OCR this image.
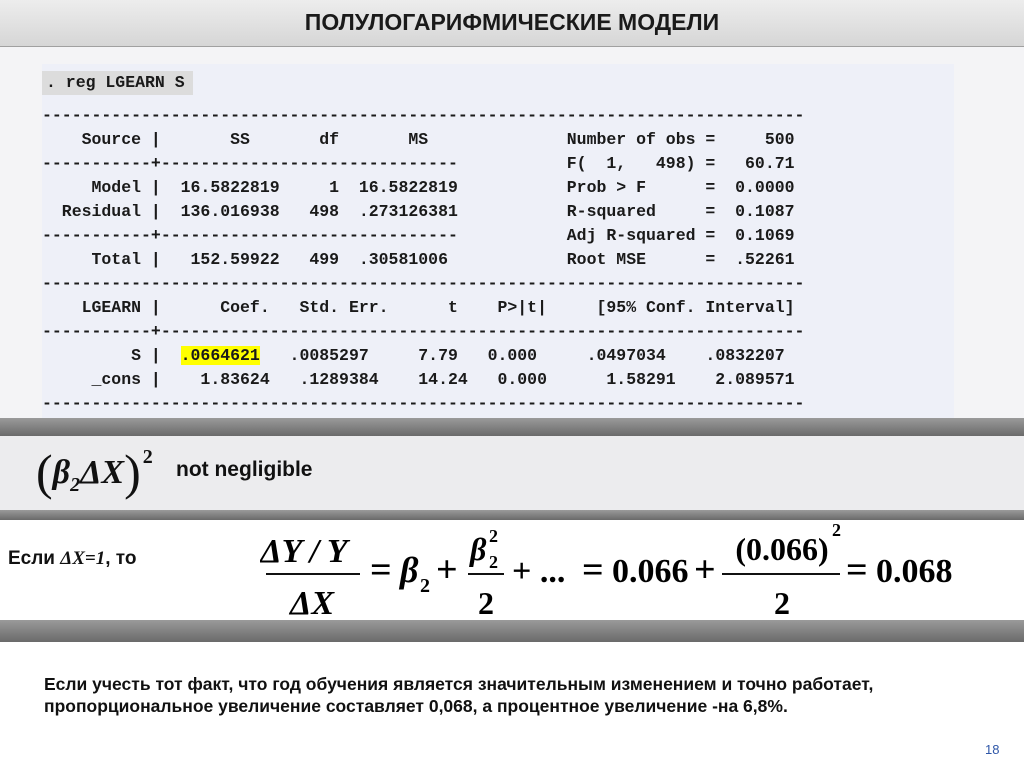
ПОЛУЛОГАРИФМИЧЕСКИЕ МОДЕЛИ
. reg LGEARN S
-----------------------------------------------------------------------------
Source |       SS       df       MS              Number of obs =     500
-----------+------------------------------           F(  1,   498) =   60.71
Model |  16.5822819     1  16.5822819           Prob > F      =  0.0000
Residual |  136.016938   498  .273126381           R-squared     =  0.1087
-----------+------------------------------           Adj R-squared =  0.1069
Total |   152.59922   499  .30581006            Root MSE      =  .52261
-----------------------------------------------------------------------------
LGEARN |      Coef.   Std. Err.      t    P>|t|     [95% Conf. Interval]
-----------+-----------------------------------------------------------------
S |  .0664621   .0085297     7.79   0.000     .0497034    .0832207
_cons |    1.83624   .1289384    14.24   0.000      1.58291    2.089571
-----------------------------------------------------------------------------
$(\beta_2\Delta X)$ $^2$
not negligible
Если ΔX=1, то	ΔY / Y
ΔX
= β 2 + β 2
2
2
+ ... = 0.066 + (0.066)
2
2
= 0.068
Если учесть тот факт, что год обучения является значительным изменением и точно работает, пропорциональное увеличение составляет 0,068, а процентное увеличение -на 6,8%.
18
